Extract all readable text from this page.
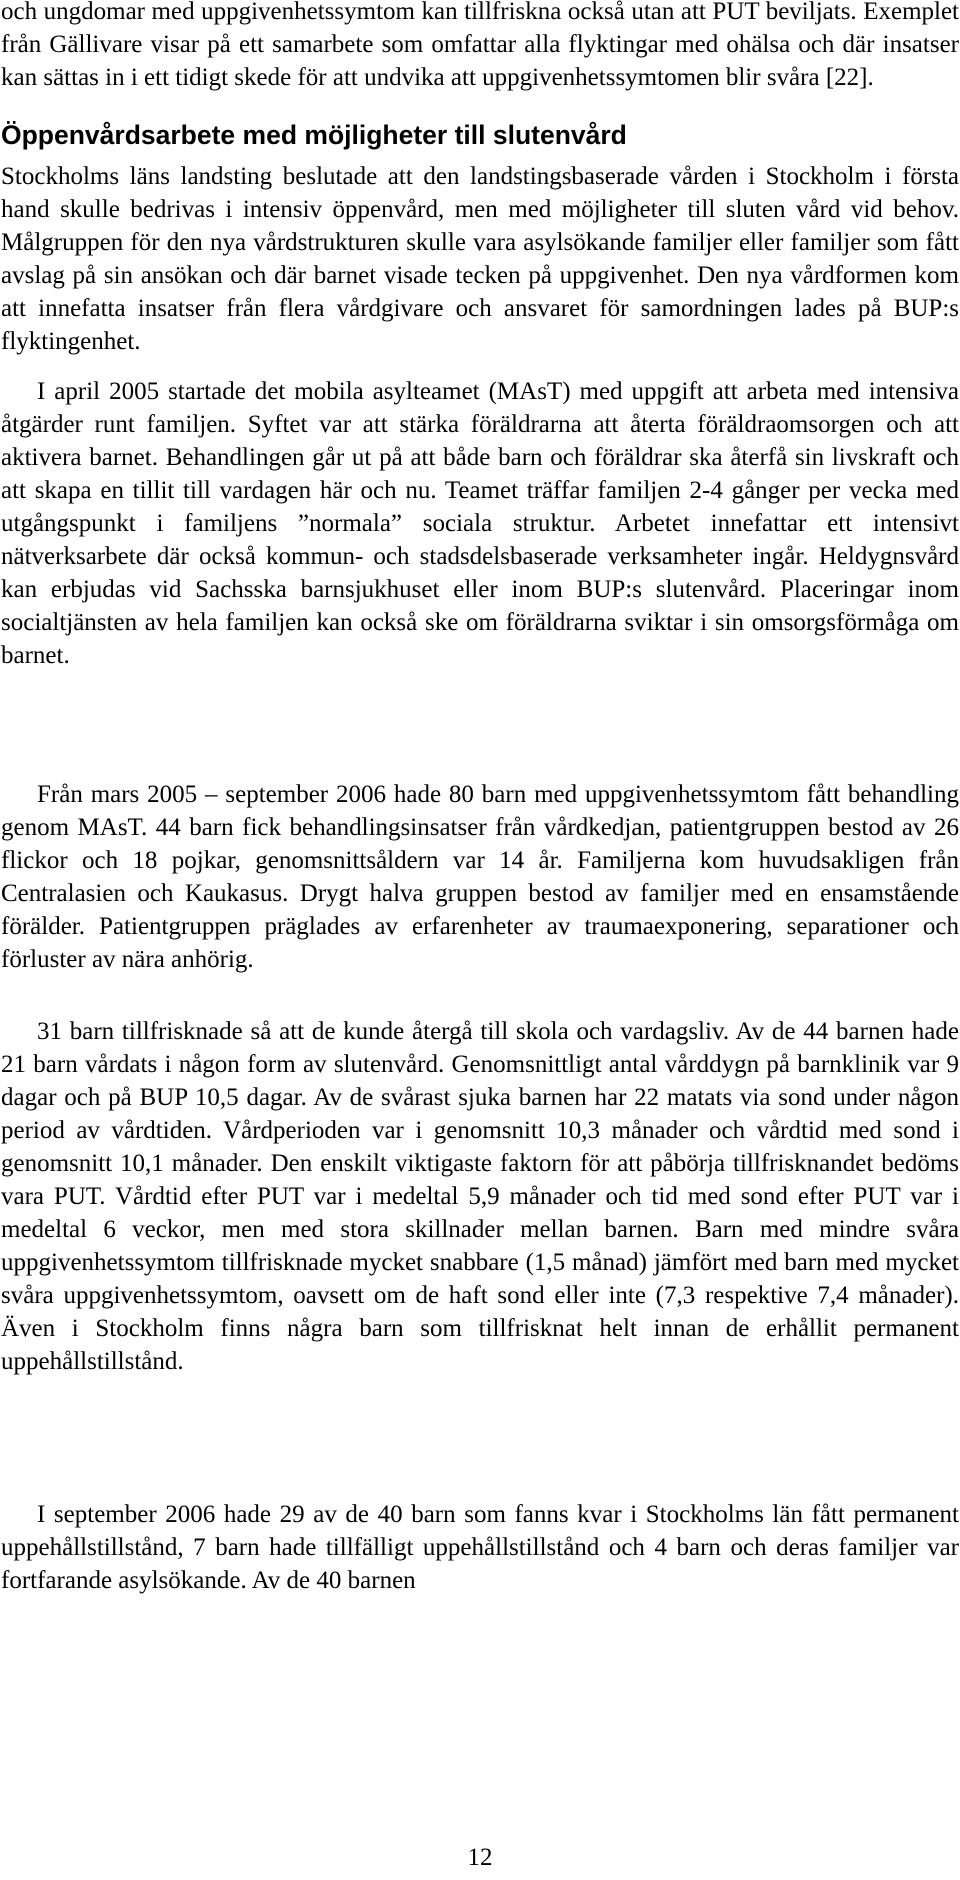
och ungdomar med uppgivenhetssymtom kan tillfriskna också utan att PUT beviljats. Exemplet från Gällivare visar på ett samarbete som omfattar alla flyktingar med ohälsa och där insatser kan sättas in i ett tidigt skede för att undvika att uppgivenhetssymtomen blir svåra [22].

Öppenvårdsarbete med möjligheter till slutenvård

Stockholms läns landsting beslutade att den landstingsbaserade vården i Stockholm i första hand skulle bedrivas i intensiv öppenvård, men med möjligheter till sluten vård vid behov. Målgruppen för den nya vårdstrukturen skulle vara asylsökande familjer eller familjer som fått avslag på sin ansökan och där barnet visade tecken på uppgivenhet. Den nya vårdformen kom att innefatta insatser från flera vårdgivare och ansvaret för samordningen lades på BUP:s flyktingenhet.

I april 2005 startade det mobila asylteamet (MAsT) med uppgift att arbeta med intensiva åtgärder runt familjen. Syftet var att stärka föräldrarna att återta föräldraomsorgen och att aktivera barnet. Behandlingen går ut på att både barn och föräldrar ska återfå sin livskraft och att skapa en tillit till vardagen här och nu. Teamet träffar familjen 2-4 gånger per vecka med utgångspunkt i familjens ”normala” sociala struktur. Arbetet innefattar ett intensivt nätverksarbete där också kommun- och stadsdelsbaserade verksamheter ingår. Heldygnsvård kan erbjudas vid Sachsska barnsjukhuset eller inom BUP:s slutenvård. Placeringar inom socialtjänsten av hela familjen kan också ske om föräldrarna sviktar i sin omsorgsförmåga om barnet.

Från mars 2005 – september 2006 hade 80 barn med uppgivenhetssymtom fått behandling genom MAsT. 44 barn fick behandlingsinsatser från vårdkedjan, patientgruppen bestod av 26 flickor och 18 pojkar, genomsnittsåldern var 14 år. Familjerna kom huvudsakligen från Centralasien och Kaukasus. Drygt halva gruppen bestod av familjer med en ensamstående förälder. Patientgruppen präglades av erfarenheter av traumaexponering, separationer och förluster av nära anhörig.

31 barn tillfrisknade så att de kunde återgå till skola och vardagsliv. Av de 44 barnen hade 21 barn vårdats i någon form av slutenvård. Genomsnittligt antal vårddygn på barnklinik var 9 dagar och på BUP 10,5 dagar. Av de svårast sjuka barnen har 22 matats via sond under någon period av vårdtiden. Vårdperioden var i genomsnitt 10,3 månader och vårdtid med sond i genomsnitt 10,1 månader. Den enskilt viktigaste faktorn för att påbörja tillfrisknandet bedöms vara PUT. Vårdtid efter PUT var i medeltal 5,9 månader och tid med sond efter PUT var i medeltal 6 veckor, men med stora skillnader mellan barnen. Barn med mindre svåra uppgivenhetssymtom tillfrisknade mycket snabbare (1,5 månad) jämfört med barn med mycket svåra uppgivenhetssymtom, oavsett om de haft sond eller inte (7,3 respektive 7,4 månader). Även i Stockholm finns några barn som tillfrisknat helt innan de erhållit permanent uppehållstillstånd.

I september 2006 hade 29 av de 40 barn som fanns kvar i Stockholms län fått permanent uppehållstillstånd, 7 barn hade tillfälligt uppehållstillstånd och 4 barn och deras familjer var fortfarande asylsökande. Av de 40 barnen

12
